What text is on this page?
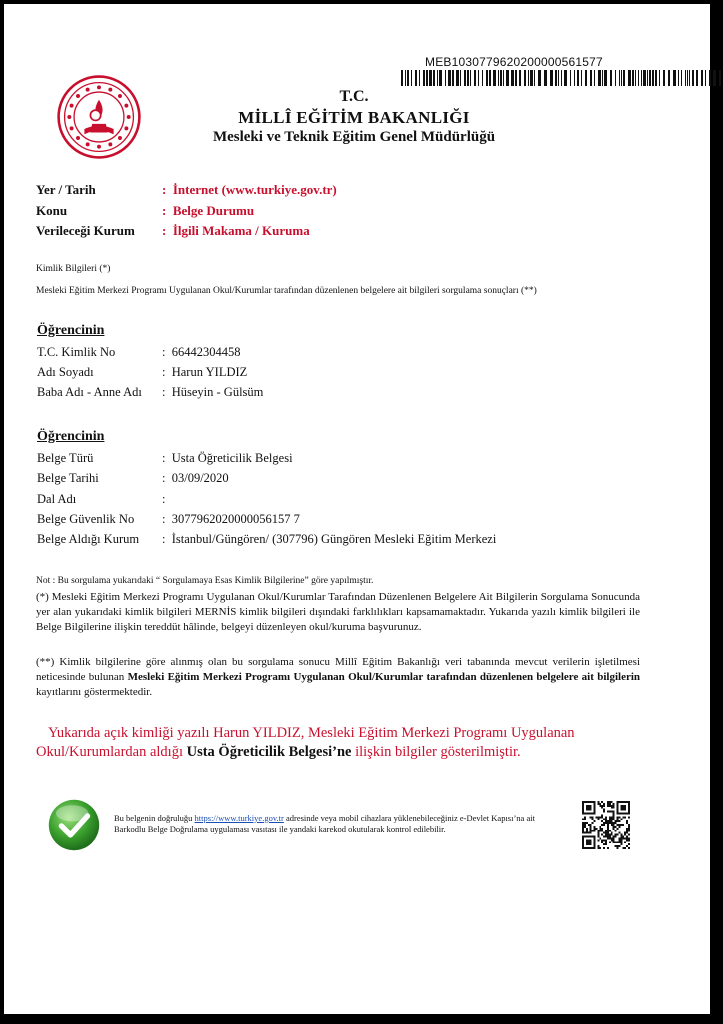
MEB1030779620200000561577
T.C.
MİLLÎ EĞİTİM BAKANLIĞI
Mesleki ve Teknik Eğitim Genel Müdürlüğü
Yer / Tarih	: İnternet (www.turkiye.gov.tr)
Konu	: Belge Durumu
Verileceği Kurum : İlgili Makama / Kuruma
Kimlik Bilgileri (*)
Mesleki Eğitim Merkezi Programı Uygulanan Okul/Kurumlar tarafından düzenlenen belgelere ait bilgileri sorgulama sonuçları (**)
Öğrencinin
T.C. Kimlik No	: 66442304458
Adı Soyadı	: Harun YILDIZ
Baba Adı - Anne Adı : Hüseyin - Gülsüm
Öğrencinin
Belge Türü	: Usta Öğreticilik Belgesi
Belge Tarihi	: 03/09/2020
Dal Adı	:
Belge Güvenlik No : 3077962020000056157 7
Belge Aldığı Kurum : İstanbul/Güngören/ (307796) Güngören Mesleki Eğitim Merkezi
Not : Bu sorgulama yukarıdaki “ Sorgulamaya Esas Kimlik Bilgilerine” göre yapılmıştır.
(*) Mesleki Eğitim Merkezi Programı Uygulanan Okul/Kurumlar Tarafından Düzenlenen Belgelere Ait Bilgilerin Sorgulama Sonucunda yer alan yukarıdaki kimlik bilgileri MERNİS kimlik bilgileri dışındaki farklılıkları kapsamamaktadır. Yukarıda yazılı kimlik bilgileri ile Belge Bilgilerine ilişkin tereddüt hâlinde, belgeyi düzenleyen okul/kuruma başvurunuz.
(**) Kimlik bilgilerine göre alınmış olan bu sorgulama sonucu Millî Eğitim Bakanlığı veri tabanında mevcut verilerin işletilmesi neticesinde bulunan Mesleki Eğitim Merkezi Programı Uygulanan Okul/Kurumlar tarafından düzenlenen belgelere ait bilgilerin kayıtlarını göstermektedir.
Yukarıda açık kimliği yazılı Harun YILDIZ, Mesleki Eğitim Merkezi Programı Uygulanan Okul/Kurumlardan aldığı Usta Öğreticilik Belgesi’ne ilişkin bilgiler gösterilmiştir.
Bu belgenin doğruluğu https://www.turkiye.gov.tr adresinde veya mobil cihazlara yüklenebileceğiniz e-Devlet Kapısı’na ait Barkodlu Belge Doğrulama uygulaması vasıtası ile yandaki karekod okutularak kontrol edilebilir.
